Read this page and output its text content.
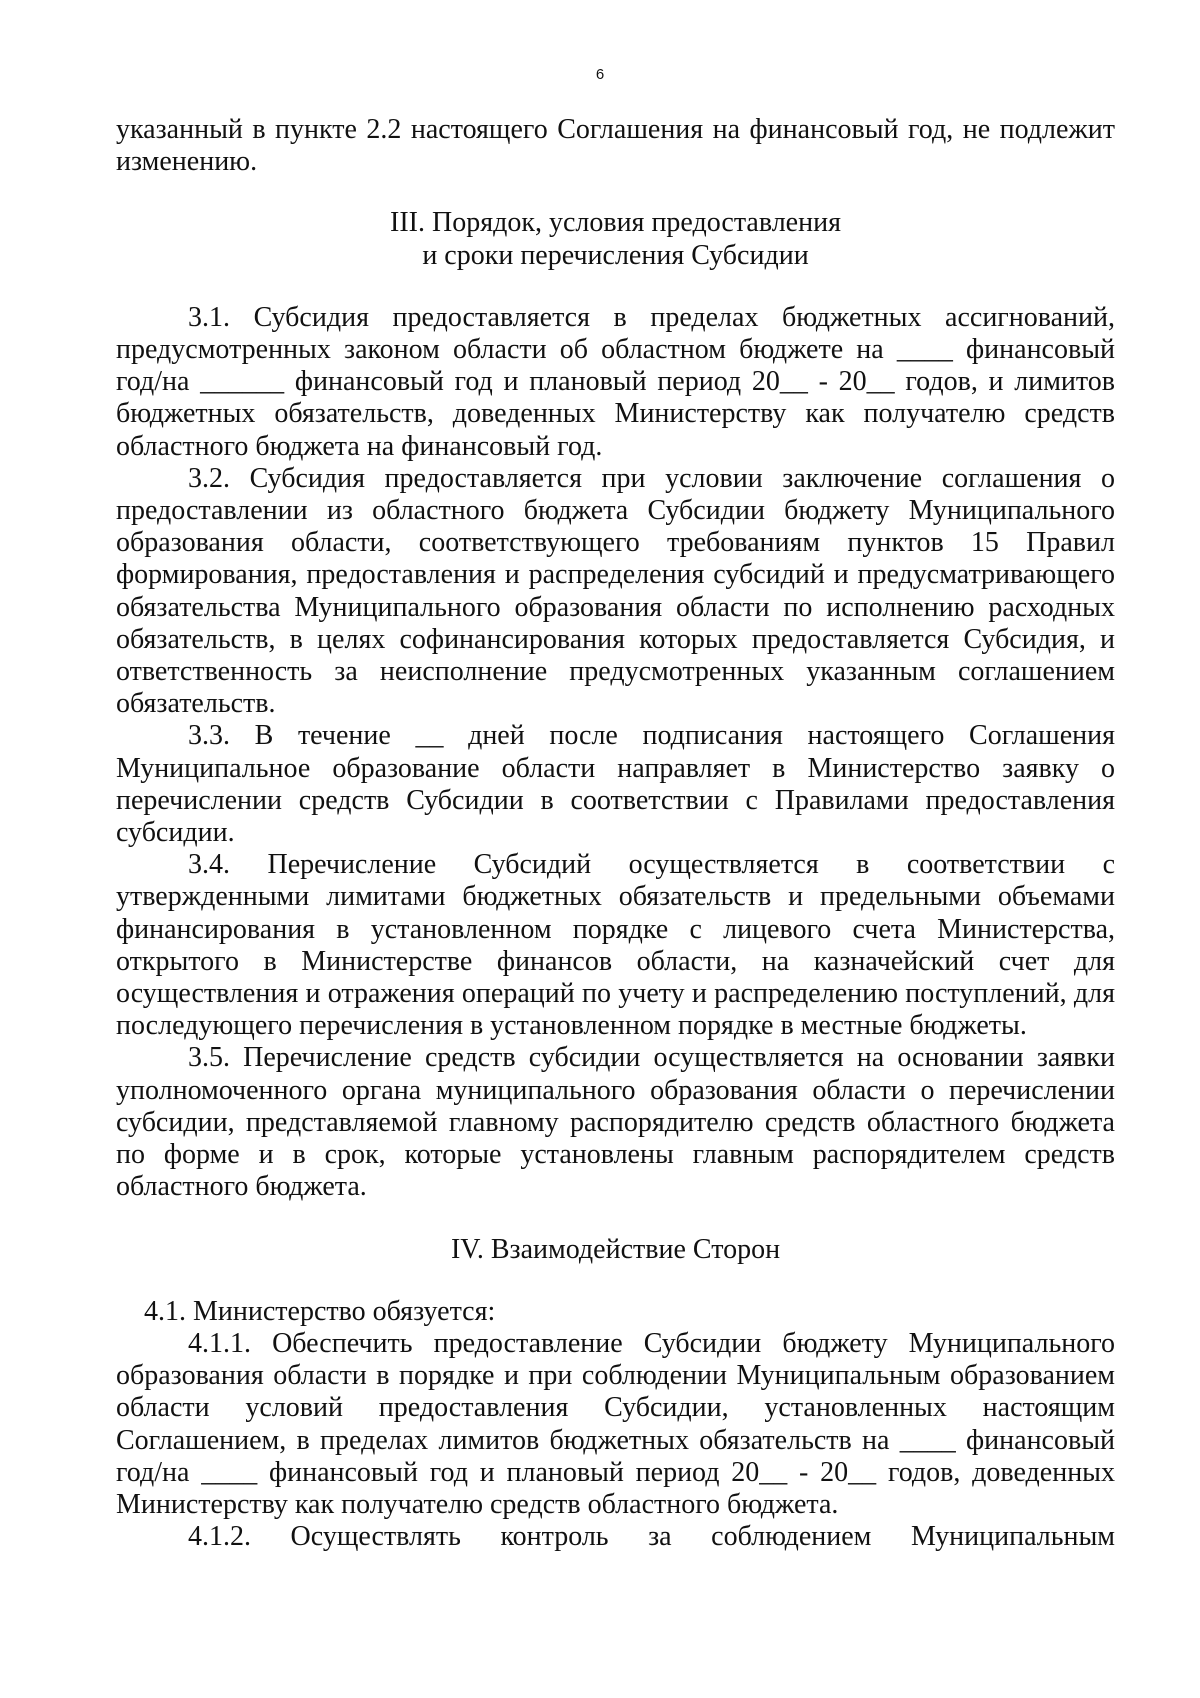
6

указанный в пункте 2.2 настоящего Соглашения на финансовый год, не подлежит изменению.

III. Порядок, условия предоставления

и сроки перечисления Субсидии

3.1. Субсидия предоставляется в пределах бюджетных ассигнований, предусмотренных законом области об областном бюджете на ____ финансовый год/на ______ финансовый год и плановый период 20__ - 20__ годов, и лимитов бюджетных обязательств, доведенных Министерству как получателю средств областного бюджета на финансовый год.

3.2. Субсидия предоставляется при условии заключение соглашения о предоставлении из областного бюджета Субсидии бюджету Муниципального образования области, соответствующего требованиям пунктов 15 Правил формирования, предоставления и распределения субсидий и предусматривающего обязательства Муниципального образования области по исполнению расходных обязательств, в целях софинансирования которых предоставляется Субсидия, и ответственность за неисполнение предусмотренных указанным соглашением обязательств.

3.3. В течение __ дней после подписания настоящего Соглашения Муниципальное образование области направляет в Министерство заявку о перечислении средств Субсидии в соответствии с Правилами предоставления субсидии.

3.4. Перечисление Субсидий осуществляется в соответствии с утвержденными лимитами бюджетных обязательств и предельными объемами финансирования в установленном порядке с лицевого счета Министерства, открытого в Министерстве финансов области, на казначейский счет для осуществления и отражения операций по учету и распределению поступлений, для последующего перечисления в установленном порядке в местные бюджеты.

3.5. Перечисление средств субсидии осуществляется на основании заявки уполномоченного органа муниципального образования области о перечислении субсидии, представляемой главному распорядителю средств областного бюджета по форме и в срок, которые установлены главным распорядителем средств областного бюджета.

IV. Взаимодействие Сторон

4.1. Министерство обязуется:

4.1.1. Обеспечить предоставление Субсидии бюджету Муниципального образования области в порядке и при соблюдении Муниципальным образованием области условий предоставления Субсидии, установленных настоящим Соглашением, в пределах лимитов бюджетных обязательств на ____ финансовый год/на ____ финансовый год и плановый период 20__ - 20__ годов, доведенных Министерству как получателю средств областного бюджета.

4.1.2. Осуществлять контроль за соблюдением Муниципальным
